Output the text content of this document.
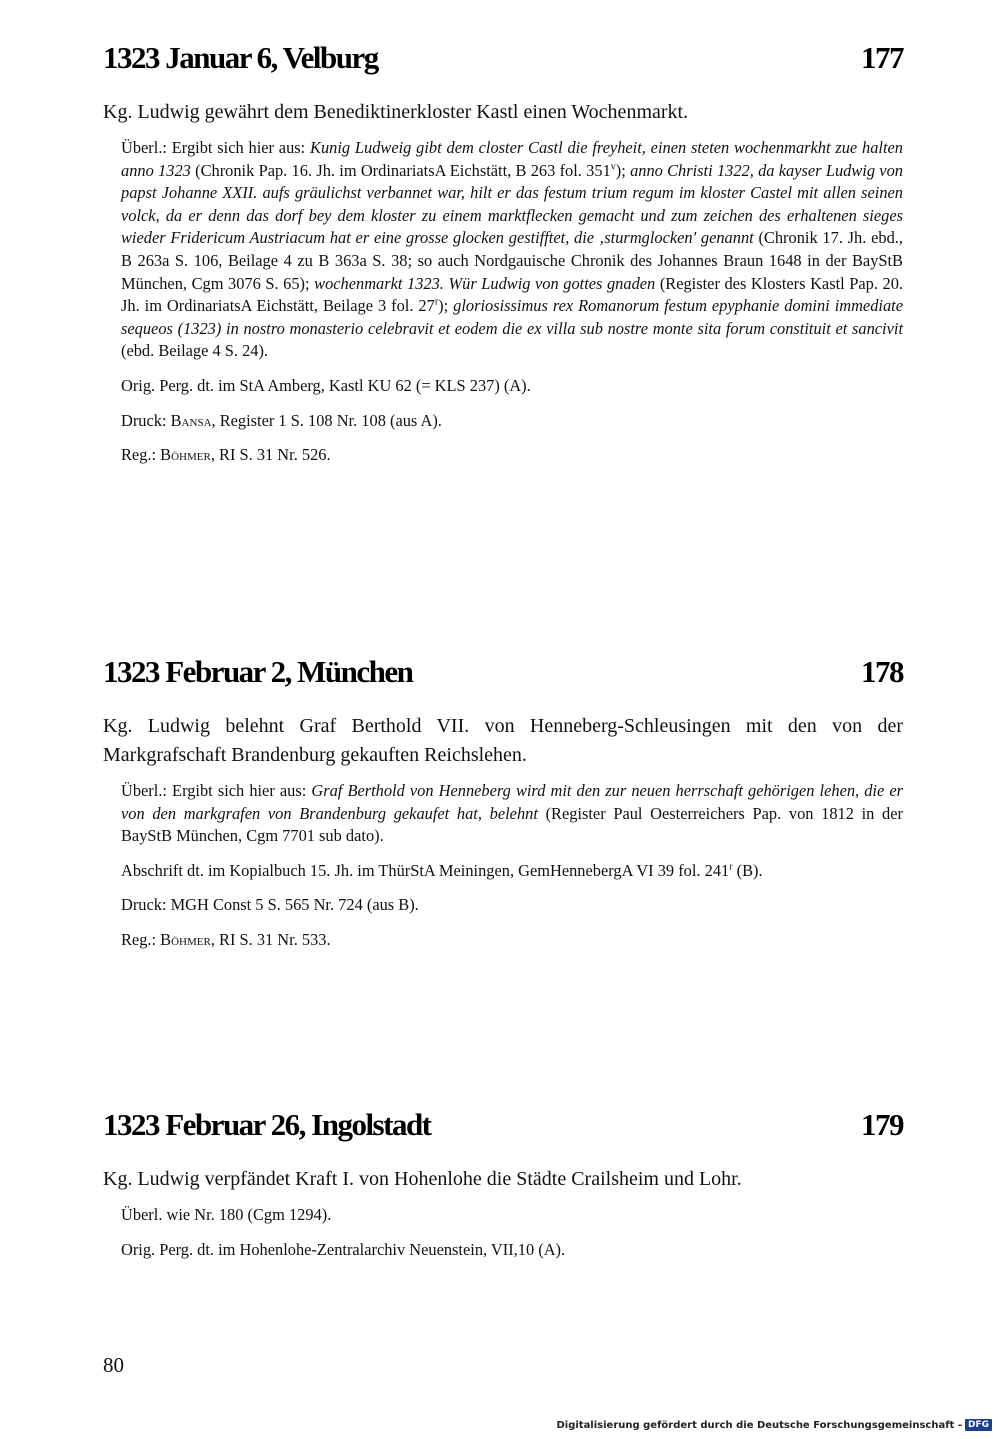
1323 Januar 6, Velburg	177
Kg. Ludwig gewährt dem Benediktinerkloster Kastl einen Wochenmarkt.
Überl.: Ergibt sich hier aus: Kunig Ludweig gibt dem closter Castl die freyheit, einen steten wochenmarkht zue halten anno 1323 (Chronik Pap. 16. Jh. im OrdinariatsA Eichstätt, B 263 fol. 351$^v$); anno Christi 1322, da kayser Ludwig von papst Johanne XXII. aufs gräulichst verbannet war, hilt er das festum trium regum im kloster Castel mit allen seinen volck, da er denn das dorf bey dem kloster zu einem marktflecken gemacht und zum zeichen des erhaltenen sieges wieder Fridericum Austriacum hat er eine grosse glocken gestifftet, die ‚sturmglocken' genannt (Chronik 17. Jh. ebd., B 263a S. 106, Beilage 4 zu B 363a S. 38; so auch Nordgauische Chronik des Johannes Braun 1648 in der BayStB München, Cgm 3076 S. 65); wochenmarkt 1323. Wür Ludwig von gottes gnaden (Register des Klosters Kastl Pap. 20. Jh. im OrdinariatsA Eichstätt, Beilage 3 fol. 27$^r$); gloriosissimus rex Romanorum festum epyphanie domini immediate sequeos (1323) in nostro monasterio celebravit et eodem die ex villa sub nostre monte sita forum constituit et sancivit (ebd. Beilage 4 S. 24).
Orig. Perg. dt. im StA Amberg, Kastl KU 62 (= KLS 237) (A).
Druck: Bansa, Register 1 S. 108 Nr. 108 (aus A).
Reg.: Böhmer, RI S. 31 Nr. 526.
1323 Februar 2, München	178
Kg. Ludwig belehnt Graf Berthold VII. von Henneberg-Schleusingen mit den von der Markgrafschaft Brandenburg gekauften Reichslehen.
Überl.: Ergibt sich hier aus: Graf Berthold von Henneberg wird mit den zur neuen herrschaft gehörigen lehen, die er von den markgrafen von Brandenburg gekaufet hat, belehnt (Register Paul Oesterreichers Pap. von 1812 in der BayStB München, Cgm 7701 sub dato).
Abschrift dt. im Kopialbuch 15. Jh. im ThürStA Meiningen, GemHennebergA VI 39 fol. 241$^r$ (B).
Druck: MGH Const 5 S. 565 Nr. 724 (aus B).
Reg.: Böhmer, RI S. 31 Nr. 533.
1323 Februar 26, Ingolstadt	179
Kg. Ludwig verpfändet Kraft I. von Hohenlohe die Städte Crailsheim und Lohr.
Überl. wie Nr. 180 (Cgm 1294).
Orig. Perg. dt. im Hohenlohe-Zentralarchiv Neuenstein, VII,10 (A).
80
Digitalisierung gefördert durch die Deutsche Forschungsgemeinschaft - DFG
